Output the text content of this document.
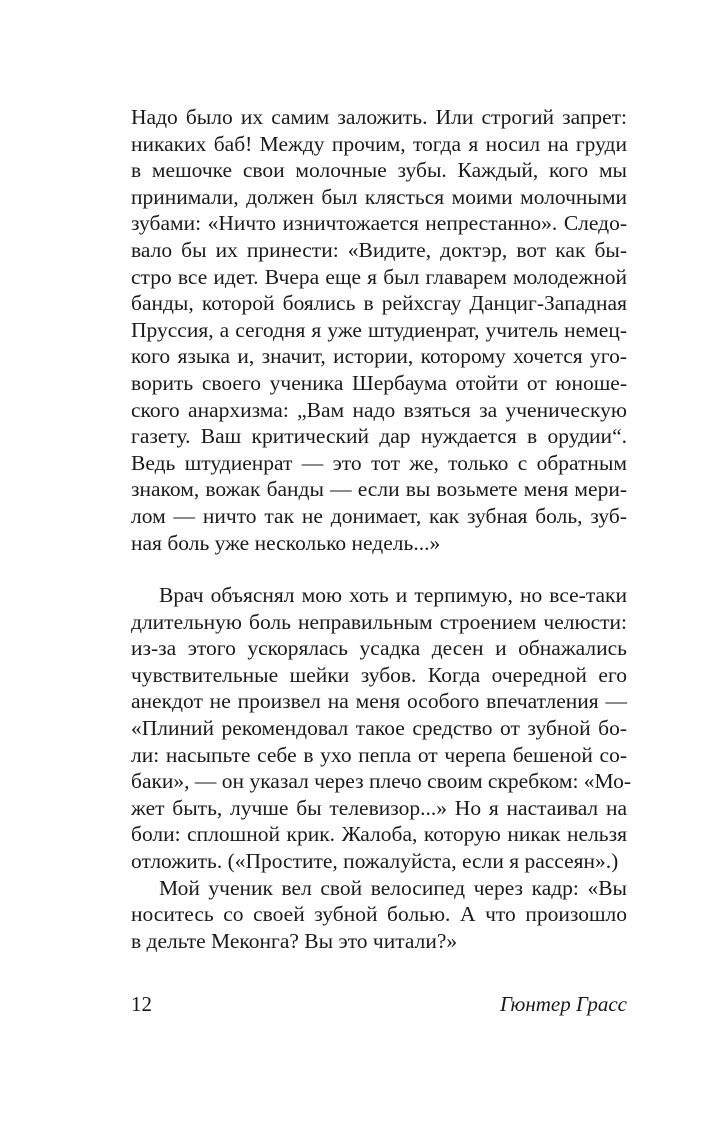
Надо было их самим заложить. Или строгий запрет:
никаких баб! Между прочим, тогда я носил на груди
в мешочке свои молочные зубы. Каждый, кого мы
принимали, должен был клясться моими молочными
зубами: «Ничто изничтожается непрестанно». Следо-
вало бы их принести: «Видите, доктэр, вот как бы-
стро все идет. Вчера еще я был главарем молодежной
банды, которой боялись в рейхсгау Данциг-Западная
Пруссия, а сегодня я уже штудиенрат, учитель немец-
кого языка и, значит, истории, которому хочется уго-
ворить своего ученика Шербаума отойти от юноше-
ского анархизма: „Вам надо взяться за ученическую
газету. Ваш критический дар нуждается в орудии“.
Ведь штудиенрат — это тот же, только с обратным
знаком, вожак банды — если вы возьмете меня мери-
лом — ничто так не донимает, как зубная боль, зуб-
ная боль уже несколько недель...»
Врач объяснял мою хоть и терпимую, но все-таки
длительную боль неправильным строением челюсти:
из-за этого ускорялась усадка десен и обнажались
чувствительные шейки зубов. Когда очередной его
анекдот не произвел на меня особого впечатления —
«Плиний рекомендовал такое средство от зубной бо-
ли: насыпьте себе в ухо пепла от черепа бешеной со-
баки», — он указал через плечо своим скребком: «Мо-
жет быть, лучше бы телевизор...» Но я настаивал на
боли: сплошной крик. Жалоба, которую никак нельзя
отложить. («Простите, пожалуйста, если я рассеян».)
Мой ученик вел свой велосипед через кадр: «Вы
носитесь со своей зубной болью. А что произошло
в дельте Меконга? Вы это читали?»
12	Гюнтер Грасс
